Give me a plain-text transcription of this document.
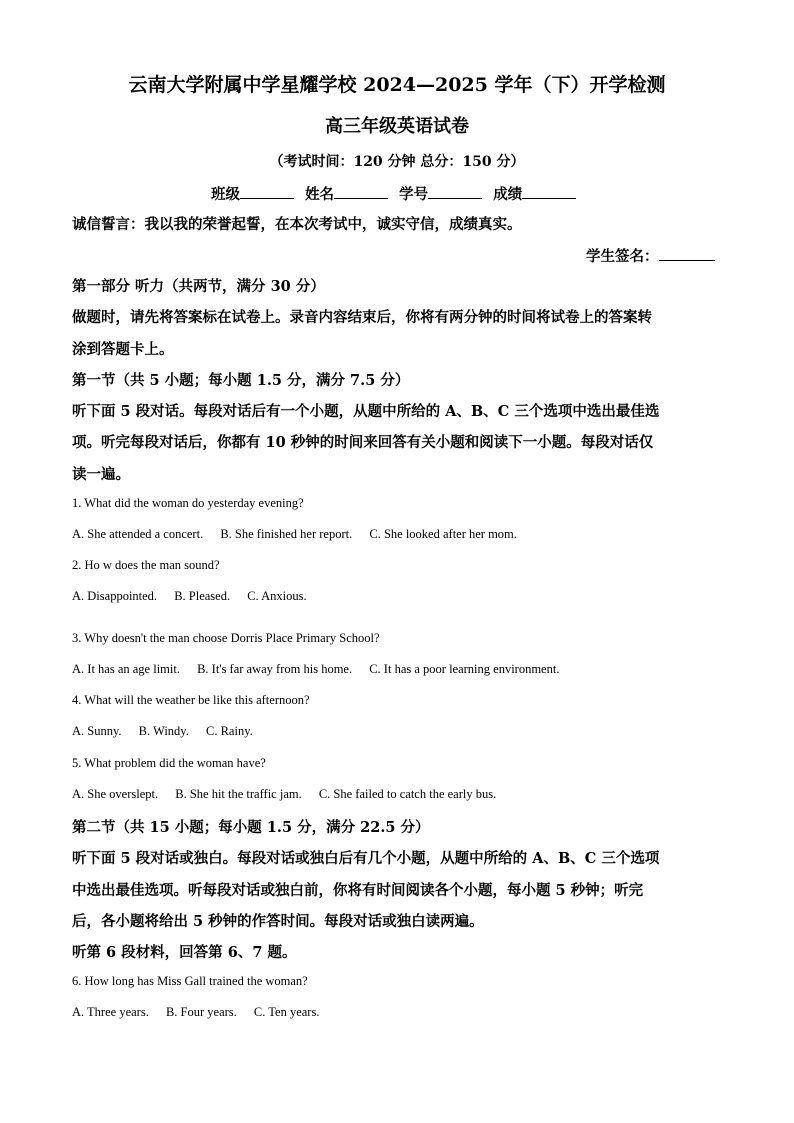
云南大学附属中学星耀学校 2024—2025 学年（下）开学检测
高三年级英语试卷
（考试时间：120 分钟 总分：150 分）
班级	姓名	学号	成绩
诚信誓言：我以我的荣誉起誓，在本次考试中，诚实守信，成绩真实。
学生签名：
第一部分 听力（共两节，满分 30 分）
做题时，请先将答案标在试卷上。录音内容结束后，你将有两分钟的时间将试卷上的答案转
涂到答题卡上。
第一节（共 5 小题；每小题 1.5 分，满分 7.5 分）
听下面 5 段对话。每段对话后有一个小题，从题中所给的 A、B、C 三个选项中选出最佳选
项。听完每段对话后，你都有 10 秒钟的时间来回答有关小题和阅读下一小题。每段对话仅
读一遍。
1. What did the woman do yesterday evening?
A. She attended a concert. B. She finished her report. C. She looked after her mom.
2. Ho w does the man sound?
A. Disappointed. B. Pleased. C. Anxious.
3. Why doesn't the man choose Dorris Place Primary School?
A. It has an age limit. B. It's far away from his home. C. It has a poor learning environment.
4. What will the weather be like this afternoon?
A. Sunny. B. Windy. C. Rainy.
5. What problem did the woman have?
A. She overslept. B. She hit the traffic jam. C. She failed to catch the early bus.
第二节（共 15 小题；每小题 1.5 分，满分 22.5 分）
听下面 5 段对话或独白。每段对话或独白后有几个小题，从题中所给的 A、B、C 三个选项
中选出最佳选项。听每段对话或独白前，你将有时间阅读各个小题，每小题 5 秒钟；听完
后，各小题将给出 5 秒钟的作答时间。每段对话或独白读两遍。
听第 6 段材料，回答第 6、7 题。
6. How long has Miss Gall trained the woman?
A. Three years. B. Four years. C. Ten years.
